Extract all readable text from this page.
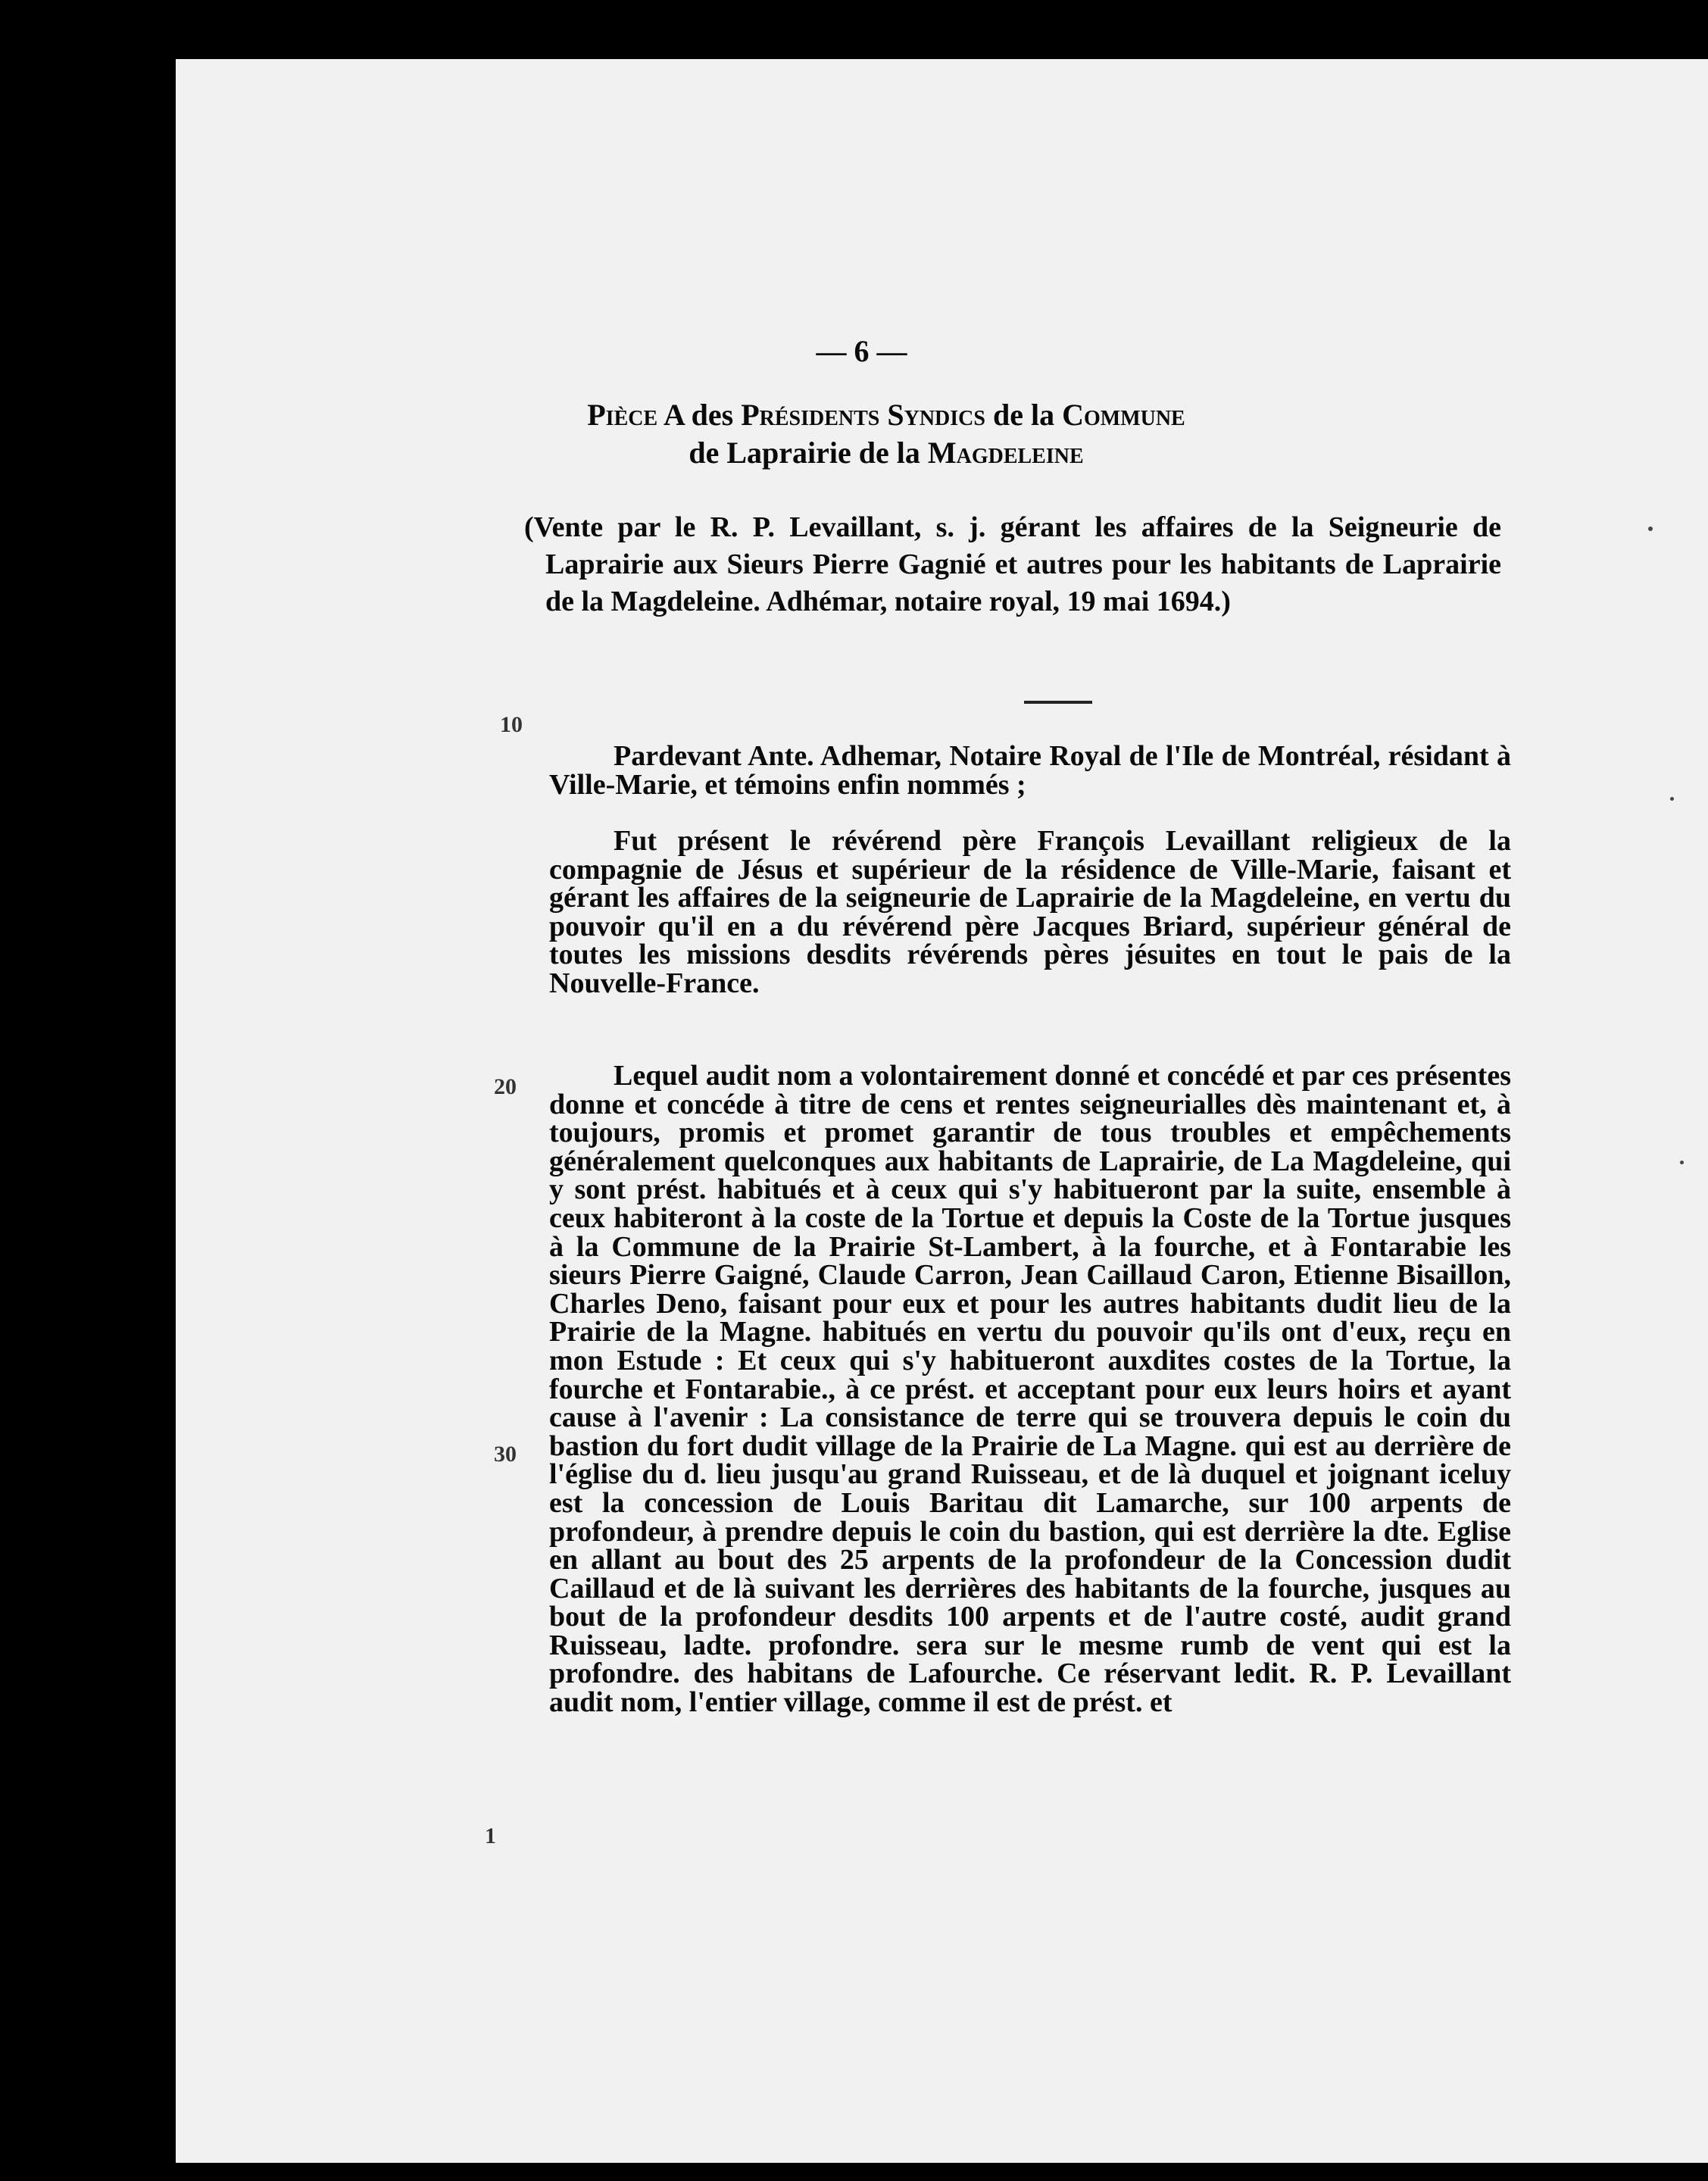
— 6 —
Pièce A des Présidents Syndics de la Commune
de Laprairie de la Magdeleine
(Vente par le R. P. Levaillant, s. j. gérant les affaires de la Seigneurie de Laprairie aux Sieurs Pierre Gagnié et autres pour les habitants de Laprairie de la Magdeleine. Adhémar, notaire royal, 19 mai 1694.)
10
20
30
1
Pardevant Ante. Adhemar, Notaire Royal de l'Ile de Montréal, résidant à Ville-Marie, et témoins enfin nommés ;
Fut présent le révérend père François Levaillant religieux de la compagnie de Jésus et supérieur de la résidence de Ville-Marie, faisant et gérant les affaires de la seigneurie de Laprairie de la Magdeleine, en vertu du pouvoir qu'il en a du révérend père Jacques Briard, supérieur général de toutes les missions desdits révérends pères jésuites en tout le pais de la Nouvelle-France.
Lequel audit nom a volontairement donné et concédé et par ces présentes donne et concéde à titre de cens et rentes seigneurialles dès maintenant et, à toujours, promis et promet garantir de tous troubles et empêchements généralement quelconques aux habitants de Laprairie, de La Magdeleine, qui y sont prést. habitués et à ceux qui s'y habitueront par la suite, ensemble à ceux habiteront à la coste de la Tortue et depuis la Coste de la Tortue jusques à la Commune de la Prairie St-Lambert, à la fourche, et à Fontarabie les sieurs Pierre Gaigné, Claude Carron, Jean Caillaud Caron, Etienne Bisaillon, Charles Deno, faisant pour eux et pour les autres habitants dudit lieu de la Prairie de la Magne. habitués en vertu du pouvoir qu'ils ont d'eux, reçu en mon Estude : Et ceux qui s'y habitueront auxdites costes de la Tortue, la fourche et Fontarabie., à ce prést. et acceptant pour eux leurs hoirs et ayant cause à l'avenir : La consistance de terre qui se trouvera depuis le coin du bastion du fort dudit village de la Prairie de La Magne. qui est au derrière de l'église du d. lieu jusqu'au grand Ruisseau, et de là duquel et joignant iceluy est la concession de Louis Baritau dit Lamarche, sur 100 arpents de profondeur, à prendre depuis le coin du bastion, qui est derrière la dte. Eglise en allant au bout des 25 arpents de la profondeur de la Concession dudit Caillaud et de là suivant les derrières des habitants de la fourche, jusques au bout de la profondeur desdits 100 arpents et de l'autre costé, audit grand Ruisseau, ladte. profondre. sera sur le mesme rumb de vent qui est la profondre. des habitans de Lafourche. Ce réservant ledit. R. P. Levaillant audit nom, l'entier village, comme il est de prést. et
